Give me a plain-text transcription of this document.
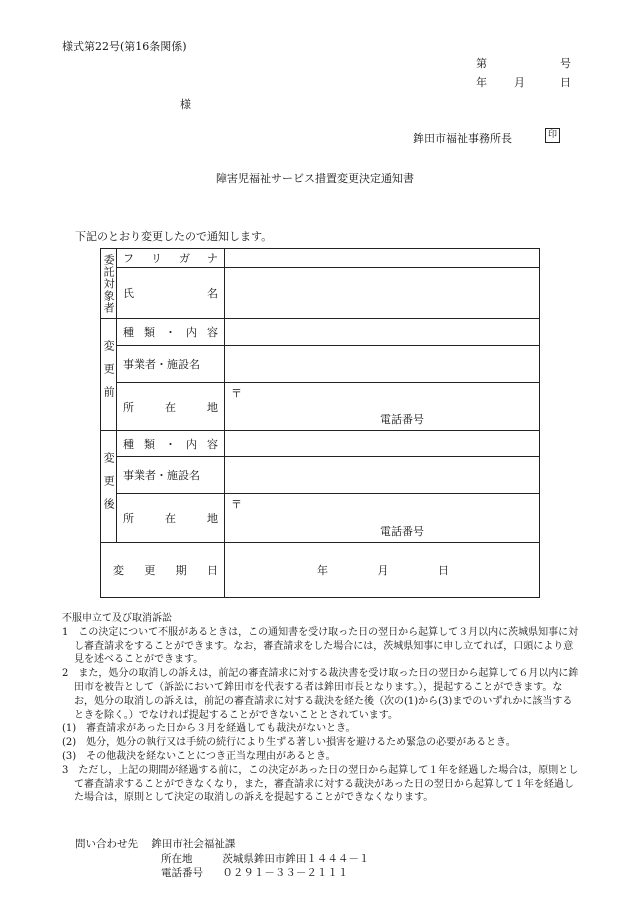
様式第22号(第16条関係)
第	号
年 月	日
様
鉾田市福祉事務所長	印
障害児福祉サービス措置変更決定通知書
下記のとおり変更したので通知します。
委託対象者	フ リ ガ ナ	

	氏 名	

変更前	種 類 ・ 内 容	

	事業者・施設名	

	所 在 地	〒
電話番号

変更後	種 類 ・ 内 容	

	事業者・施設名	

	所 在 地	〒
電話番号

変 更 期 日		年 月 日
不服申立て及び取消訴訟
1　この決定について不服があるときは，この通知書を受け取った日の翌日から起算して３月以内に茨城県知事に対し審査請求をすることができます。なお，審査請求をした場合には，茨城県知事に申し立てれば，口頭により意見を述べることができます。
2　また，処分の取消しの訴えは，前記の審査請求に対する裁決書を受け取った日の翌日から起算して６月以内に鉾田市を被告として（訴訟において鉾田市を代表する者は鉾田市長となります。），提起することができます。なお，処分の取消しの訴えは，前記の審査請求に対する裁決を経た後（次の(1)から(3)までのいずれかに該当するときを除く。）でなければ提起することができないこととされています。
(1)　審査請求があった日から３月を経過しても裁決がないとき。
(2)　処分，処分の執行又は手続の続行により生ずる著しい損害を避けるため緊急の必要があるとき。
(3)　その他裁決を経ないことにつき正当な理由があるとき。
3　ただし，上記の期間が経過する前に，この決定があった日の翌日から起算して１年を経過した場合は，原則として審査請求することができなくなり，また，審査請求に対する裁決があった日の翌日から起算して１年を経過した場合は，原則として決定の取消しの訴えを提起することができなくなります。
問い合わせ先 鉾田市社会福祉課
所在地	茨城県鉾田市鉾田１４４４－１
電話番号 ０２９１－３３－２１１１
